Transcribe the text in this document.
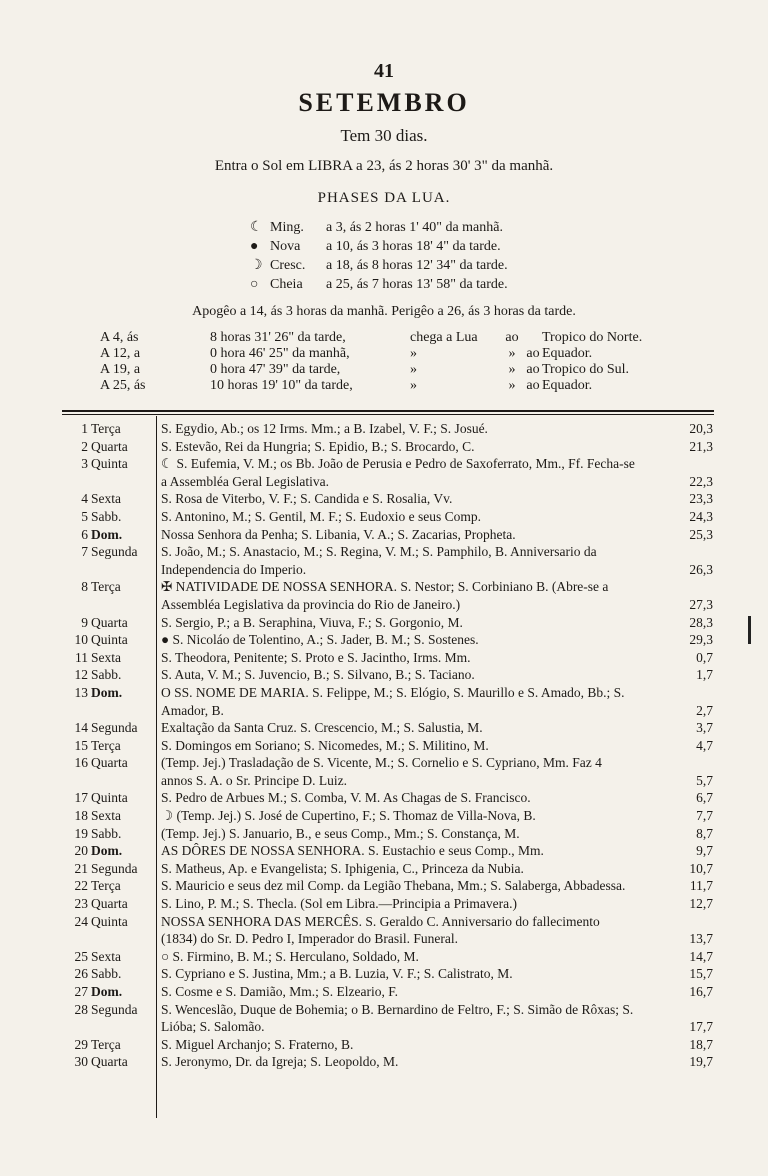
41
SETEMBRO
Tem 30 dias.
Entra o Sol em LIBRA a 23, ás 2 horas 30' 3" da manhã.
PHASES DA LUA.
☾ Ming. a 3, ás 2 horas 1' 40" da manhã.
● Nova a 10, ás 3 horas 18' 4" da tarde.
☽ Cresc. a 18, ás 8 horas 12' 34" da tarde.
○ Cheia a 25, ás 7 horas 13' 58" da tarde.
Apogêo a 14, ás 3 horas da manhã. Perigêo a 26, ás 3 horas da tarde.
A 4, ás	8 horas 31' 26" da tarde,	chega a Lua ao Tropico do Norte.
A 12, a	0 hora 46' 25" da manhã,	»	» ao Equador.
A 19, a	0 hora 47' 39" da tarde,	»	» ao Tropico do Sul.
A 25, ás	10 horas 19' 10" da tarde,	»	» ao Equador.
1 Terça	S. Egydio, Ab.; os 12 Irms. Mm.; a B. Izabel, V. F.; S. Josué.	20,3
2 Quarta	S. Estevão, Rei da Hungria; S. Epidio, B.; S. Brocardo, C.	21,3
3 Quinta	☾ S. Eufemia, V. M.; os Bb. João de Perusia e Pedro de Saxoferrato, Mm., Ff. Fecha-se a Assembléa Geral Legislativa.	22,3
4 Sexta	S. Rosa de Viterbo, V. F.; S. Candida e S. Rosalia, Vv.	23,3
5 Sabb.	S. Antonino, M.; S. Gentil, M. F.; S. Eudoxio e seus Comp.	24,3
6 Dom.	Nossa Senhora da Penha; S. Libania, V. A.; S. Zacarias, Propheta.	25,3
7 Segunda	S. João, M.; S. Anastacio, M.; S. Regina, V. M.; S. Pamphilo, B. Anniversario da Independencia do Imperio.	26,3
8 Terça	✠ NATIVIDADE DE NOSSA SENHORA. S. Nestor; S. Corbiniano B. (Abre-se a Assembléa Legislativa da provincia do Rio de Janeiro.)	27,3
9 Quarta	S. Sergio, P.; a B. Seraphina, Viuva, F.; S. Gorgonio, M.	28,3
10 Quinta	● S. Nicoláo de Tolentino, A.; S. Jader, B. M.; S. Sostenes.	29,3
11 Sexta	S. Theodora, Penitente; S. Proto e S. Jacintho, Irms. Mm.	0,7
12 Sabb.	S. Auta, V. M.; S. Juvencio, B.; S. Silvano, B.; S. Taciano.	1,7
13 Dom.	O SS. NOME DE MARIA. S. Felippe, M.; S. Elógio, S. Maurillo e S. Amado, Bb.; S. Amador, B.	2,7
14 Segunda	Exaltação da Santa Cruz. S. Crescencio, M.; S. Salustia, M.	3,7
15 Terça	S. Domingos em Soriano; S. Nicomedes, M.; S. Militino, M.	4,7
16 Quarta	(Temp. Jej.) Trasladação de S. Vicente, M.; S. Cornelio e S. Cypriano, Mm. Faz 4 annos S. A. o Sr. Principe D. Luiz.	5,7
17 Quinta	S. Pedro de Arbues M.; S. Comba, V. M. As Chagas de S. Francisco.	6,7
18 Sexta	☽ (Temp. Jej.) S. José de Cupertino, F.; S. Thomaz de Villa-Nova, B.	7,7
19 Sabb.	(Temp. Jej.) S. Januario, B., e seus Comp., Mm.; S. Constança, M.	8,7
20 Dom.	AS DÔRES DE NOSSA SENHORA. S. Eustachio e seus Comp., Mm.	9,7
21 Segunda	S. Matheus, Ap. e Evangelista; S. Iphigenia, C., Princeza da Nubia.	10,7
22 Terça	S. Mauricio e seus dez mil Comp. da Legião Thebana, Mm.; S. Salaberga, Abbadessa.	11,7
23 Quarta	S. Lino, P. M.; S. Thecla. (Sol em Libra.—Principia a Primavera.)	12,7
24 Quinta	NOSSA SENHORA DAS MERCÊS. S. Geraldo C. Anniversario do fallecimento (1834) do Sr. D. Pedro I, Imperador do Brasil. Funeral.	13,7
25 Sexta	○ S. Firmino, B. M.; S. Herculano, Soldado, M.	14,7
26 Sabb.	S. Cypriano e S. Justina, Mm.; a B. Luzia, V. F.; S. Calistrato, M.	15,7
27 Dom.	S. Cosme e S. Damião, Mm.; S. Elzeario, F.	16,7
28 Segunda	S. Wenceslão, Duque de Bohemia; o B. Bernardino de Feltro, F.; S. Simão de Rôxas; S. Lióba; S. Salomão.	17,7
29 Terça	S. Miguel Archanjo; S. Fraterno, B.	18,7
30 Quarta	S. Jeronymo, Dr. da Igreja; S. Leopoldo, M.	19,7
